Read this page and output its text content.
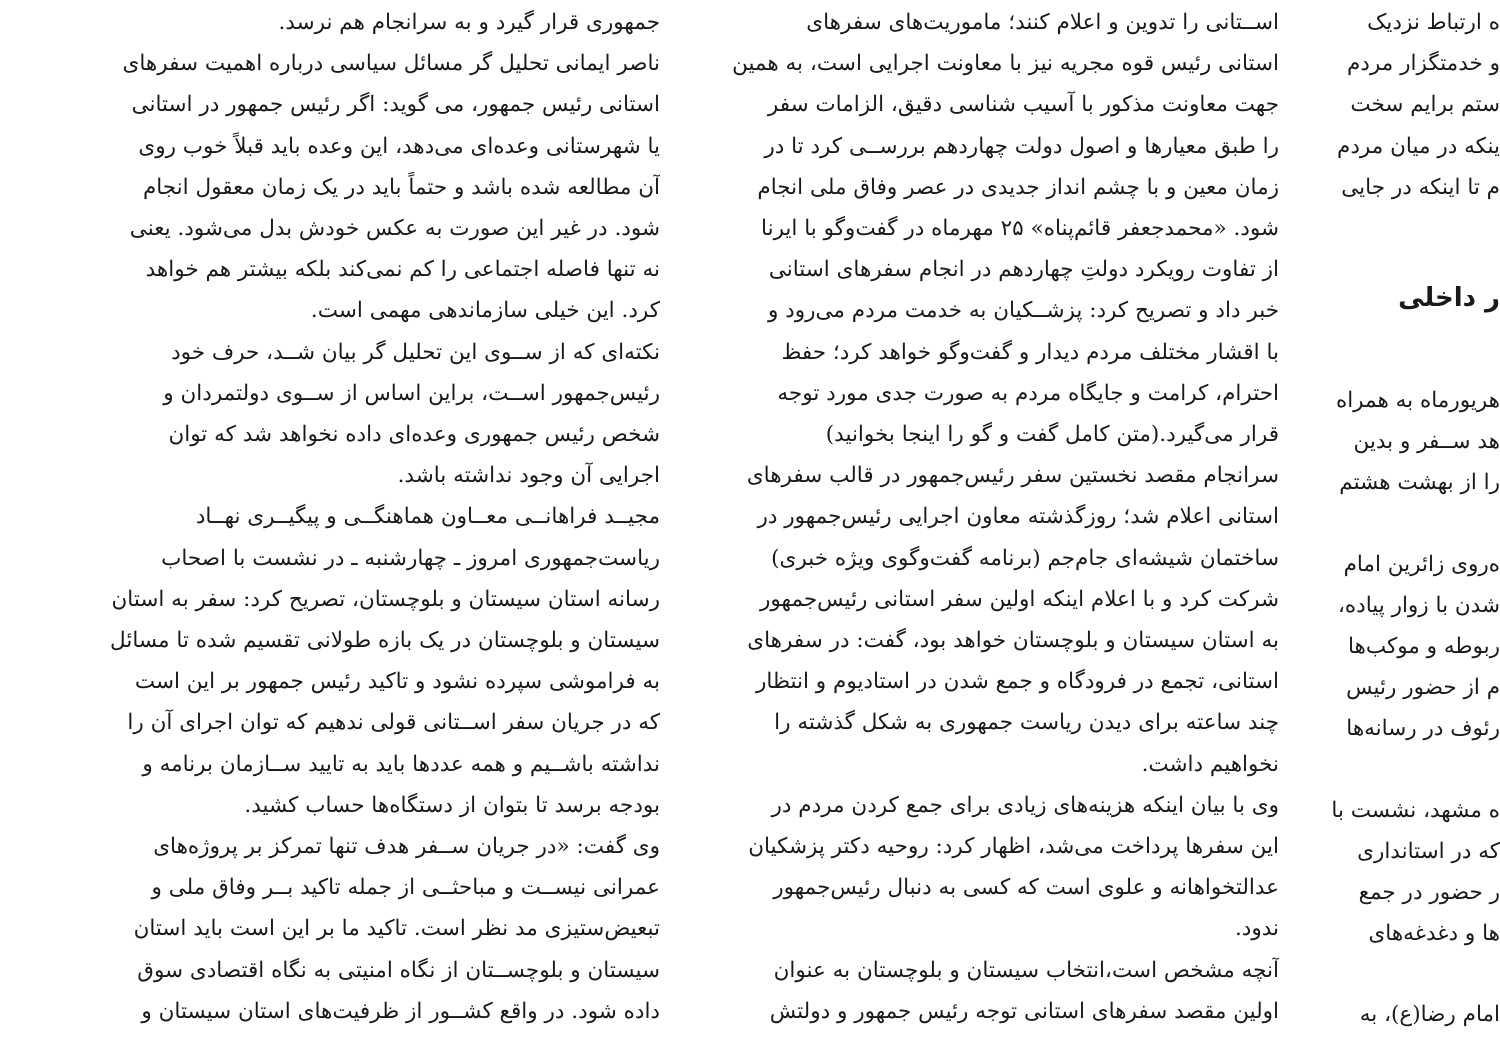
جمهوری قرار گیرد و به سرانجام هم نرسد.
ناصر ایمانی تحلیل گر مسائل سیاسی درباره اهمیت سفرهای
استانی رئیس جمهور، می گوید: اگر رئیس جمهور در استانی
یا شهرستانی وعده‌ای می‌دهد، این وعده باید قبلاً خوب روی
آن مطالعه شده باشد و حتماً باید در یک زمان معقول انجام
شود. در غیر این صورت به عکس خودش بدل می‌شود. یعنی
نه تنها فاصله اجتماعی را کم نمی‌کند بلکه بیشتر هم خواهد
کرد. این خیلی سازماندهی مهمی است.
نکته‌ای که از ســوی این تحلیل گر بیان شــد، حرف خود
رئیس‌جمهور اســت، براین اساس از ســوی دولتمردان و
شخص رئیس جمهوری وعده‌ای داده نخواهد شد که توان
اجرایی آن وجود نداشته باشد.
مجیــد فراهانــی معــاون هماهنگــی و پیگیــری نهــاد
ریاست‌جمهوری امروز ـ چهارشنبه ـ در نشست با اصحاب
رسانه استان سیستان و بلوچستان، تصریح کرد: سفر به استان
سیستان و بلوچستان در یک بازه طولانی تقسیم شده تا مسائل
به فراموشی سپرده نشود و تاکید رئیس جمهور بر این است
که در جریان سفر اســتانی قولی ندهیم که توان اجرای آن را
نداشته باشــیم و همه عددها باید به تایید ســازمان برنامه و
بودجه برسد تا بتوان از دستگاه‌ها حساب کشید.
وی گفت: «در جریان ســفر هدف تنها تمرکز بر پروژه‌های
عمرانی نیســت و مباحثــی از جمله تاکید بــر وفاق ملی و
تبعیض‌ستیزی مد نظر است. تاکید ما بر این است باید استان
سیستان و بلوچســتان از نگاه امنیتی به نگاه اقتصادی سوق
داده شود. در واقع کشــور از ظرفیت‌های استان سیستان و
اســتانی را تدوین و اعلام کنند؛ ماموریت‌های سفرهای
استانی رئیس قوه مجریه نیز با معاونت اجرایی است، به همین
جهت معاونت مذکور با آسیب شناسی دقیق، الزامات سفر
را طبق معیارها و اصول دولت چهاردهم بررســی کرد تا در
زمان معین و با چشم انداز جدیدی در عصر وفاق ملی انجام
شود. «محمدجعفر قائم‌پناه» ۲۵ مهرماه در گفت‌وگو با ایرنا
از تفاوت رویکرد دولتِ چهاردهم در انجام سفرهای استانی
خبر داد و تصریح کرد: پزشــکیان به خدمت مردم می‌رود و
با اقشار مختلف مردم دیدار و گفت‌وگو خواهد کرد؛ حفظ
احترام، کرامت و جایگاه مردم به صورت جدی مورد توجه
قرار می‌گیرد.(متن کامل گفت و گو را اینجا بخوانید)
سرانجام مقصد نخستین سفر رئیس‌جمهور در قالب سفرهای
استانی اعلام شد؛ روزگذشته معاون اجرایی رئیس‌جمهور در
ساختمان شیشه‌ای جام‌جم (برنامه گفت‌وگوی ویژه خبری)
شرکت کرد و با اعلام اینکه اولین سفر استانی رئیس‌جمهور
به استان سیستان و بلوچستان خواهد بود، گفت: در سفرهای
استانی، تجمع در فرودگاه و جمع شدن در استادیوم و انتظار
چند ساعته برای دیدن ریاست جمهوری به شکل گذشته را
نخواهیم داشت.
وی با بیان اینکه هزینه‌های زیادی برای جمع کردن مردم در
این سفرها پرداخت می‌شد، اظهار کرد: روحیه دکتر پزشکیان
عدالتخواهانه و علوی است که کسی به دنبال رئیس‌جمهور
ندود.
آنچه مشخص است،انتخاب سیستان و بلوچستان به عنوان
اولین مقصد سفرهای استانی توجه رئیس جمهور و دولتش
ه ارتباط نزدیک
و خدمتگزار مردم
ستم برایم سخت
ینکه در میان مردم
م تا اینکه در جایی
ر داخلی
هریورماه به همراه
هد ســفر و بدین
را از بهشت هشتم
ه‌روی زائرین امام
شدن با زوار پیاده،
ربوطه و موکب‌ها
م از حضور رئیس
رئوف در رسانه‌ها
ه مشهد، نشست با
که در استانداری
ر حضور در جمع
ها و دغدغه‌های
امام رضا(ع)، به
